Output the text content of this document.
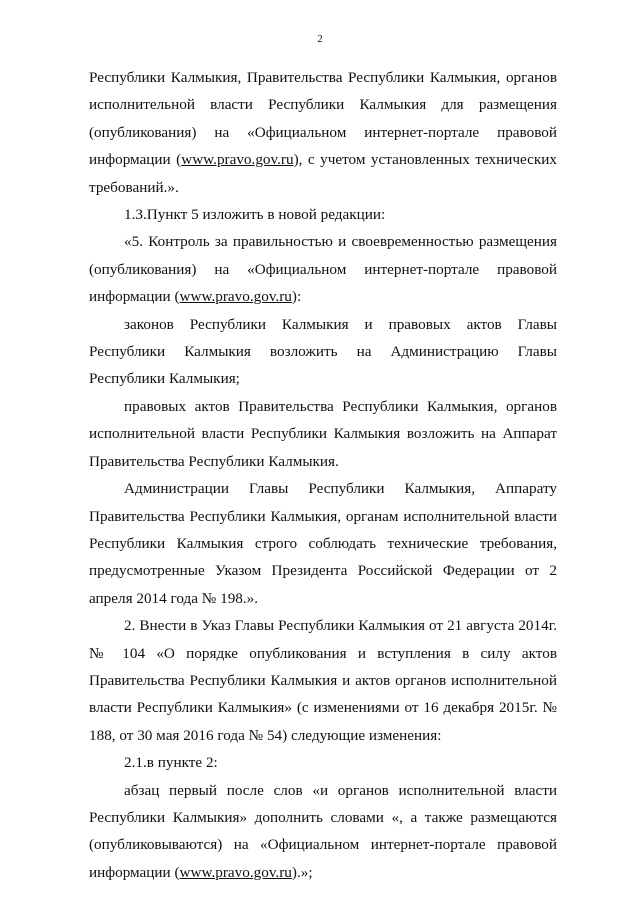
2

Республики Калмыкия, Правительства Республики Калмыкия, органов исполнительной власти Республики Калмыкия для размещения (опубликования) на «Официальном интернет-портале правовой информации (www.pravo.gov.ru), с учетом установленных технических требований.».

1.3.Пункт 5 изложить в новой редакции:

«5. Контроль за правильностью и своевременностью размещения (опубликования) на «Официальном интернет-портале правовой информации (www.pravo.gov.ru):

законов Республики Калмыкия и правовых актов Главы Республики Калмыкия возложить на Администрацию Главы Республики Калмыкия;

правовых актов Правительства Республики Калмыкия, органов исполнительной власти Республики Калмыкия возложить на Аппарат Правительства Республики Калмыкия.

Администрации Главы Республики Калмыкия, Аппарату Правительства Республики Калмыкия, органам исполнительной власти Республики Калмыкия строго соблюдать технические требования, предусмотренные Указом Президента Российской Федерации от 2 апреля 2014 года № 198.».

2. Внести в Указ Главы Республики Калмыкия от 21 августа 2014г. № 104 «О порядке опубликования и вступления в силу актов Правительства Республики Калмыкия и актов органов исполнительной власти Республики Калмыкия» (с изменениями от 16 декабря 2015г. № 188, от 30 мая 2016 года № 54) следующие изменения:

2.1.в пункте 2:

абзац первый после слов «и органов исполнительной власти Республики Калмыкия» дополнить словами «, а также размещаются (опубликовываются) на «Официальном интернет-портале правовой информации (www.pravo.gov.ru).»;
